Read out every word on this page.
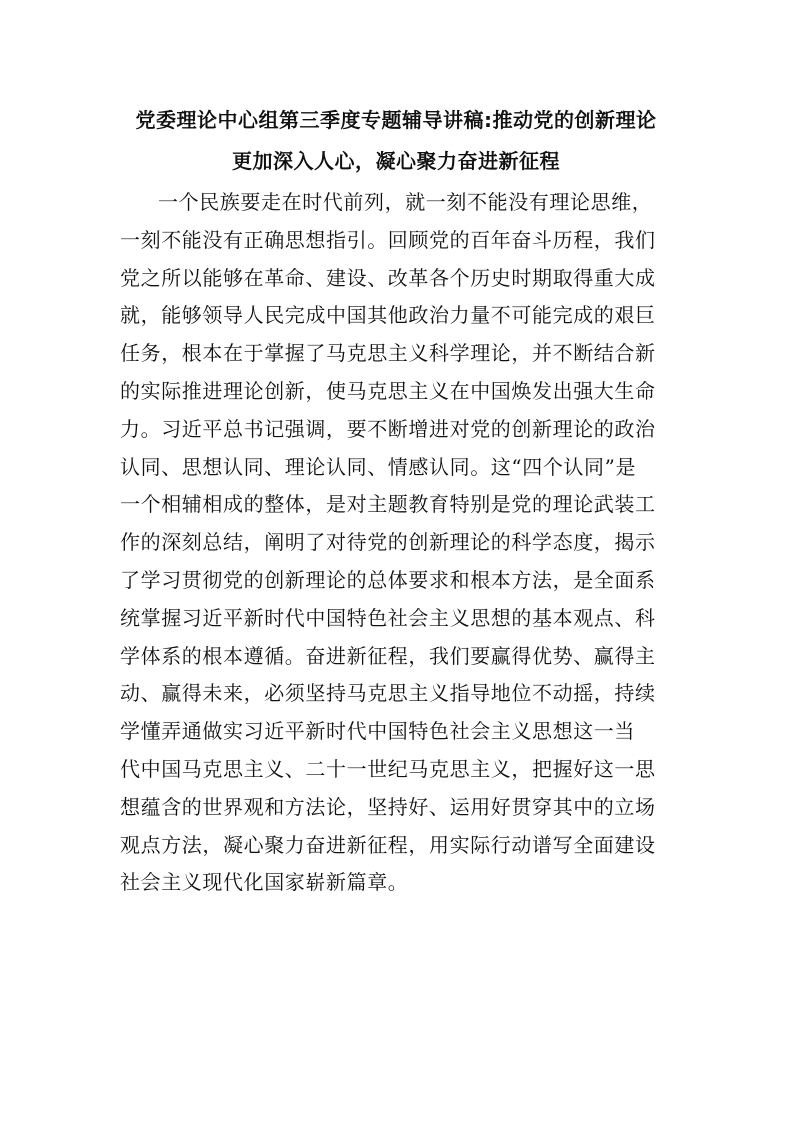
党委理论中心组第三季度专题辅导讲稿:推动党的创新理论
更加深入人心，凝心聚力奋进新征程
一个民族要走在时代前列，就一刻不能没有理论思维，
一刻不能没有正确思想指引。回顾党的百年奋斗历程，我们
党之所以能够在革命、建设、改革各个历史时期取得重大成
就，能够领导人民完成中国其他政治力量不可能完成的艰巨
任务，根本在于掌握了马克思主义科学理论，并不断结合新
的实际推进理论创新，使马克思主义在中国焕发出强大生命
力。习近平总书记强调，要不断增进对党的创新理论的政治
认同、思想认同、理论认同、情感认同。这“四个认同”是
一个相辅相成的整体，是对主题教育特别是党的理论武装工
作的深刻总结，阐明了对待党的创新理论的科学态度，揭示
了学习贯彻党的创新理论的总体要求和根本方法，是全面系
统掌握习近平新时代中国特色社会主义思想的基本观点、科
学体系的根本遵循。奋进新征程，我们要赢得优势、赢得主
动、赢得未来，必须坚持马克思主义指导地位不动摇，持续
学懂弄通做实习近平新时代中国特色社会主义思想这一当
代中国马克思主义、二十一世纪马克思主义，把握好这一思
想蕴含的世界观和方法论，坚持好、运用好贯穿其中的立场
观点方法，凝心聚力奋进新征程，用实际行动谱写全面建设
社会主义现代化国家崭新篇章。
